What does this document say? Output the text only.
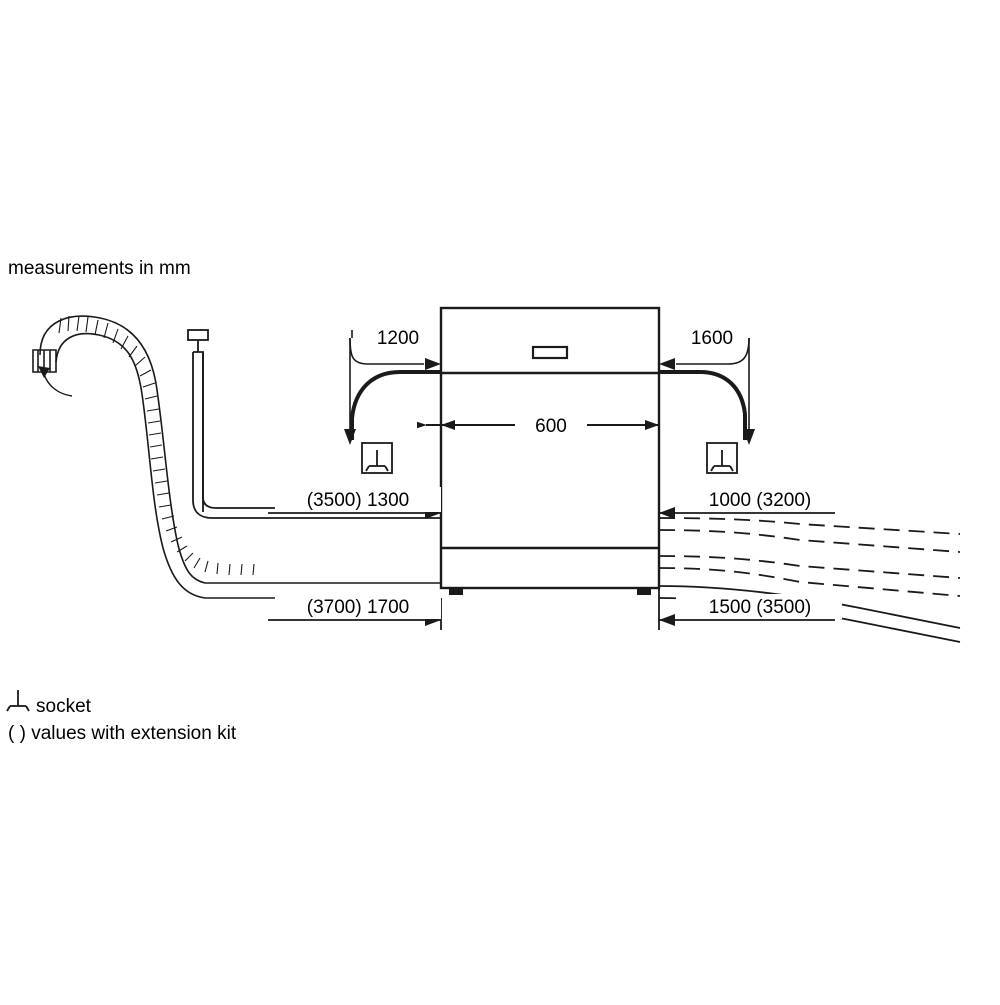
measurements in mm
600
1200	1600
(3500) 1300	1000 (3200)
(3700) 1700	1500 (3500)
socket
( ) values with extension kit
